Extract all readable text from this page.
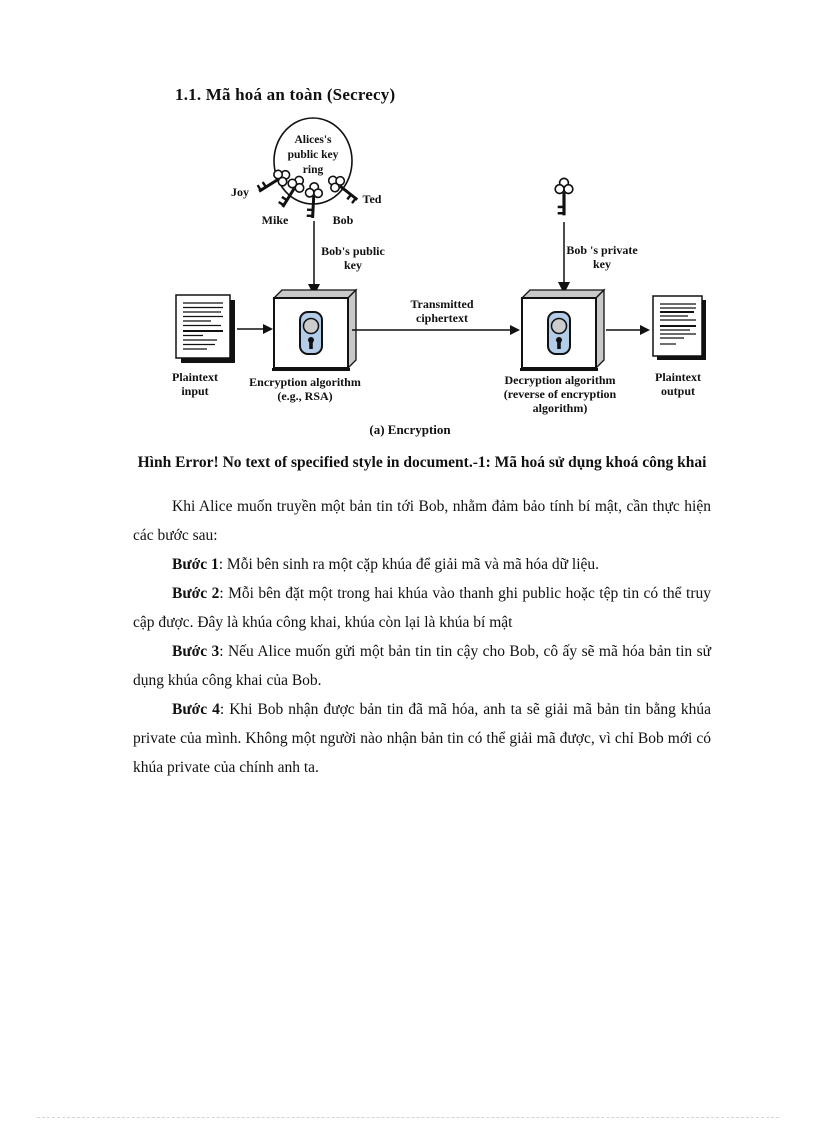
1.1. Mã hoá an toàn (Secrecy)
Alices's public key ring
Joy
Mike	Bob
Ted
Bob's public key
Bob 's private key
Transmitted ciphertext
Plaintext input
Encryption algorithm (e.g., RSA)
Decryption algorithm (reverse of encryption algorithm)
Plaintext output
(a) Encryption
Hình Error! No text of specified style in document.-1: Mã hoá sử dụng khoá công khai

Khi Alice muốn truyền một bản tin tới Bob, nhằm đảm bảo tính bí mật, cần thực hiện các bước sau:

Bước 1: Mỗi bên sinh ra một cặp khúa để giải mã và mã hóa dữ liệu.

Bước 2: Mỗi bên đặt một trong hai khúa vào thanh ghi public hoặc tệp tin có thể truy cập được. Đây là khúa công khai, khúa còn lại là khúa bí mật

Bước 3: Nếu Alice muốn gửi một bản tin tin cậy cho Bob, cô ấy sẽ mã hóa bản tin sử dụng khúa công khai của Bob.

Bước 4: Khi Bob nhận được bản tin đã mã hóa, anh ta sẽ giải mã bản tin bằng khúa private của mình. Không một người nào nhận bản tin có thể giải mã được, vì chỉ Bob mới có khúa private của chính anh ta.
